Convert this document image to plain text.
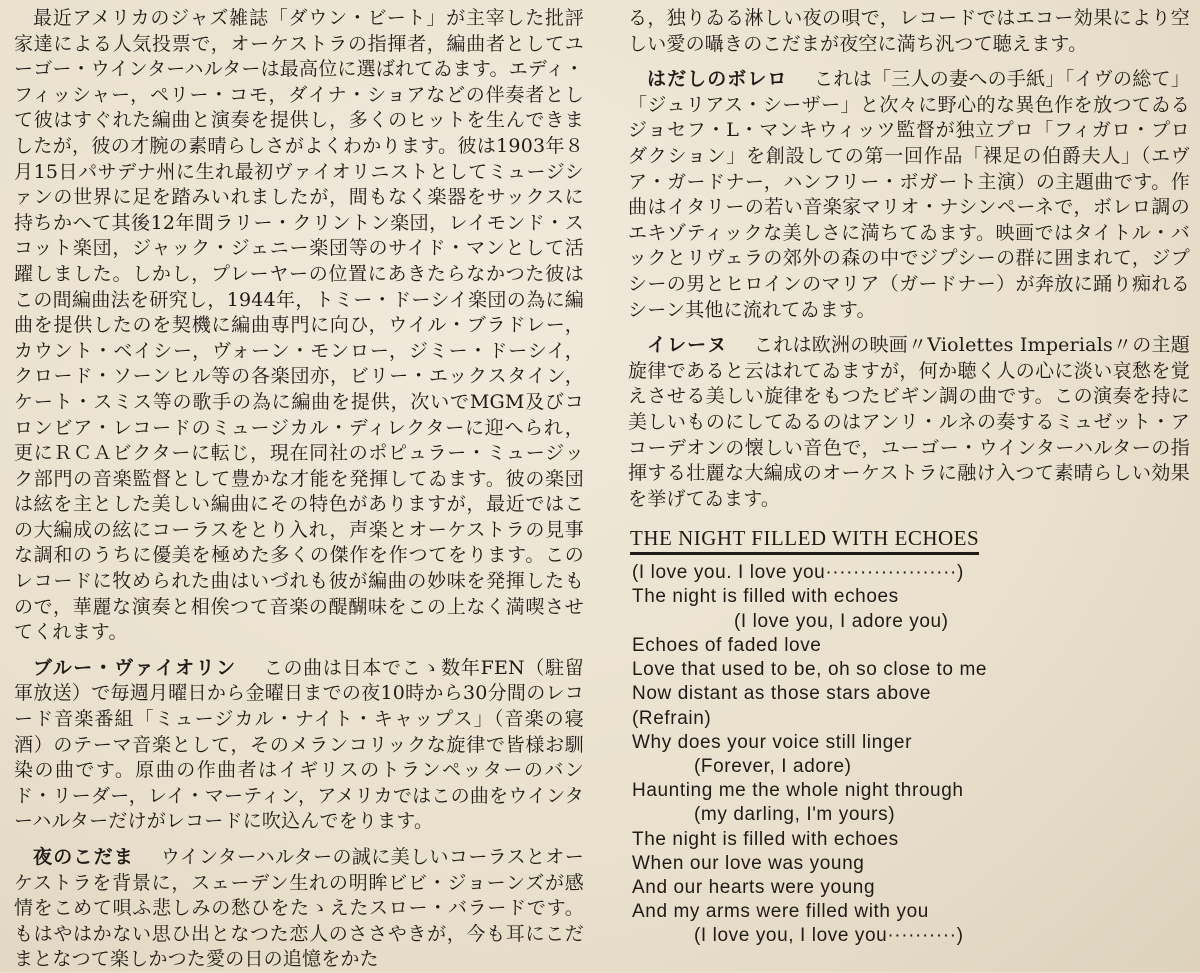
最近アメリカのジャズ雑誌「ダウン・ビート」が主宰した批評家達による人気投票で，オーケストラの指揮者，編曲者としてユーゴー・ウインターハルターは最高位に選ばれてゐます。エディ・フィッシャー，ペリー・コモ，ダイナ・ショアなどの伴奏者として彼はすぐれた編曲と演奏を提供し，多くのヒットを生んできましたが，彼の才腕の素晴らしさがよくわかります。彼は1903年８月15日パサデナ州に生れ最初ヴァイオリニストとしてミュージシァンの世界に足を踏みいれましたが，間もなく楽器をサックスに持ちかへて其後12年間ラリー・クリントン楽団，レイモンド・スコット楽団，ジャック・ジェニー楽団等のサイド・マンとして活躍しました。しかし，プレーヤーの位置にあきたらなかつた彼はこの間編曲法を研究し，1944年，トミー・ドーシイ楽団の為に編曲を提供したのを契機に編曲専門に向ひ，ウイル・ブラドレー，カウント・ベイシー，ヴォーン・モンロー，ジミー・ドーシイ，クロード・ソーンヒル等の各楽団亦，ビリー・エックスタイン，ケート・スミス等の歌手の為に編曲を提供，次いでMGM及びコロンビア・レコードのミュージカル・ディレクターに迎へられ，更にＲＣＡビクターに転じ，現在同社のポピュラー・ミュージック部門の音楽監督として豊かな才能を発揮してゐます。彼の楽団は絃を主とした美しい編曲にその特色がありますが，最近ではこの大編成の絃にコーラスをとり入れ，声楽とオーケストラの見事な調和のうちに優美を極めた多くの傑作を作つてをります。このレコードに牧められた曲はいづれも彼が編曲の妙味を発揮したもので，華麗な演奏と相俟つて音楽の醍醐味をこの上なく満喫させてくれます。

ブルー・ヴァイオリン この曲は日本でこゝ数年FEN（駐留軍放送）で毎週月曜日から金曜日までの夜10時から30分間のレコード音楽番組「ミュージカル・ナイト・キャップス」（音楽の寝酒）のテーマ音楽として，そのメランコリックな旋律で皆様お馴染の曲です。原曲の作曲者はイギリスのトランペッターのバンド・リーダー，レイ・マーティン，アメリカではこの曲をウインターハルターだけがレコードに吹込んでをります。

夜のこだま ウインターハルターの誠に美しいコーラスとオーケストラを背景に，スェーデン生れの明眸ビビ・ジョーンズが感情をこめて唄ふ悲しみの愁ひをたゝえたスロー・バラードです。もはやはかない思ひ出となつた恋人のささやきが，今も耳にこだまとなつて楽しかつた愛の日の追憶をかた

る，独りゐる淋しい夜の唄で，レコードではエコー効果により空しい愛の囁きのこだまが夜空に満ち汎つて聴えます。

はだしのボレロ これは「三人の妻への手紙」「イヴの総て」「ジュリアス・シーザー」と次々に野心的な異色作を放つてゐるジョセフ・L・マンキウィッツ監督が独立プロ「フィガロ・プロダクション」を創設しての第一回作品「裸足の伯爵夫人」（エヴア・ガードナー，ハンフリー・ボガート主演）の主題曲です。作曲はイタリーの若い音楽家マリオ・ナシンペーネで，ボレロ調のエキゾティックな美しさに満ちてゐます。映画ではタイトル・バックとリヴェラの郊外の森の中でジプシーの群に囲まれて，ジプシーの男とヒロインのマリア（ガードナー）が奔放に踊り痴れるシーン其他に流れてゐます。

イレーヌ これは欧洲の映画〃Violettes Imperials〃の主題旋律であると云はれてゐますが，何か聴く人の心に淡い哀愁を覚えさせる美しい旋律をもつたビギン調の曲です。この演奏を持に美しいものにしてゐるのはアンリ・ルネの奏するミュゼット・アコーデオンの懐しい音色で，ユーゴー・ウインターハルターの指揮する壮麗な大編成のオーケストラに融け入つて素晴らしい効果を挙げてゐます。

THE NIGHT FILLED WITH ECHOES
(I love you. I love you···················)
The night is filled with echoes
(I love you, I adore you)
Echoes of faded love
Love that used to be, oh so close to me
Now distant as those stars above
(Refrain)
Why does your voice still linger
(Forever, I adore)
Haunting me the whole night through
(my darling, I'm yours)
The night is filled with echoes
When our love was young
And our hearts were young
And my arms were filled with you
(I love you, I love you··········)
